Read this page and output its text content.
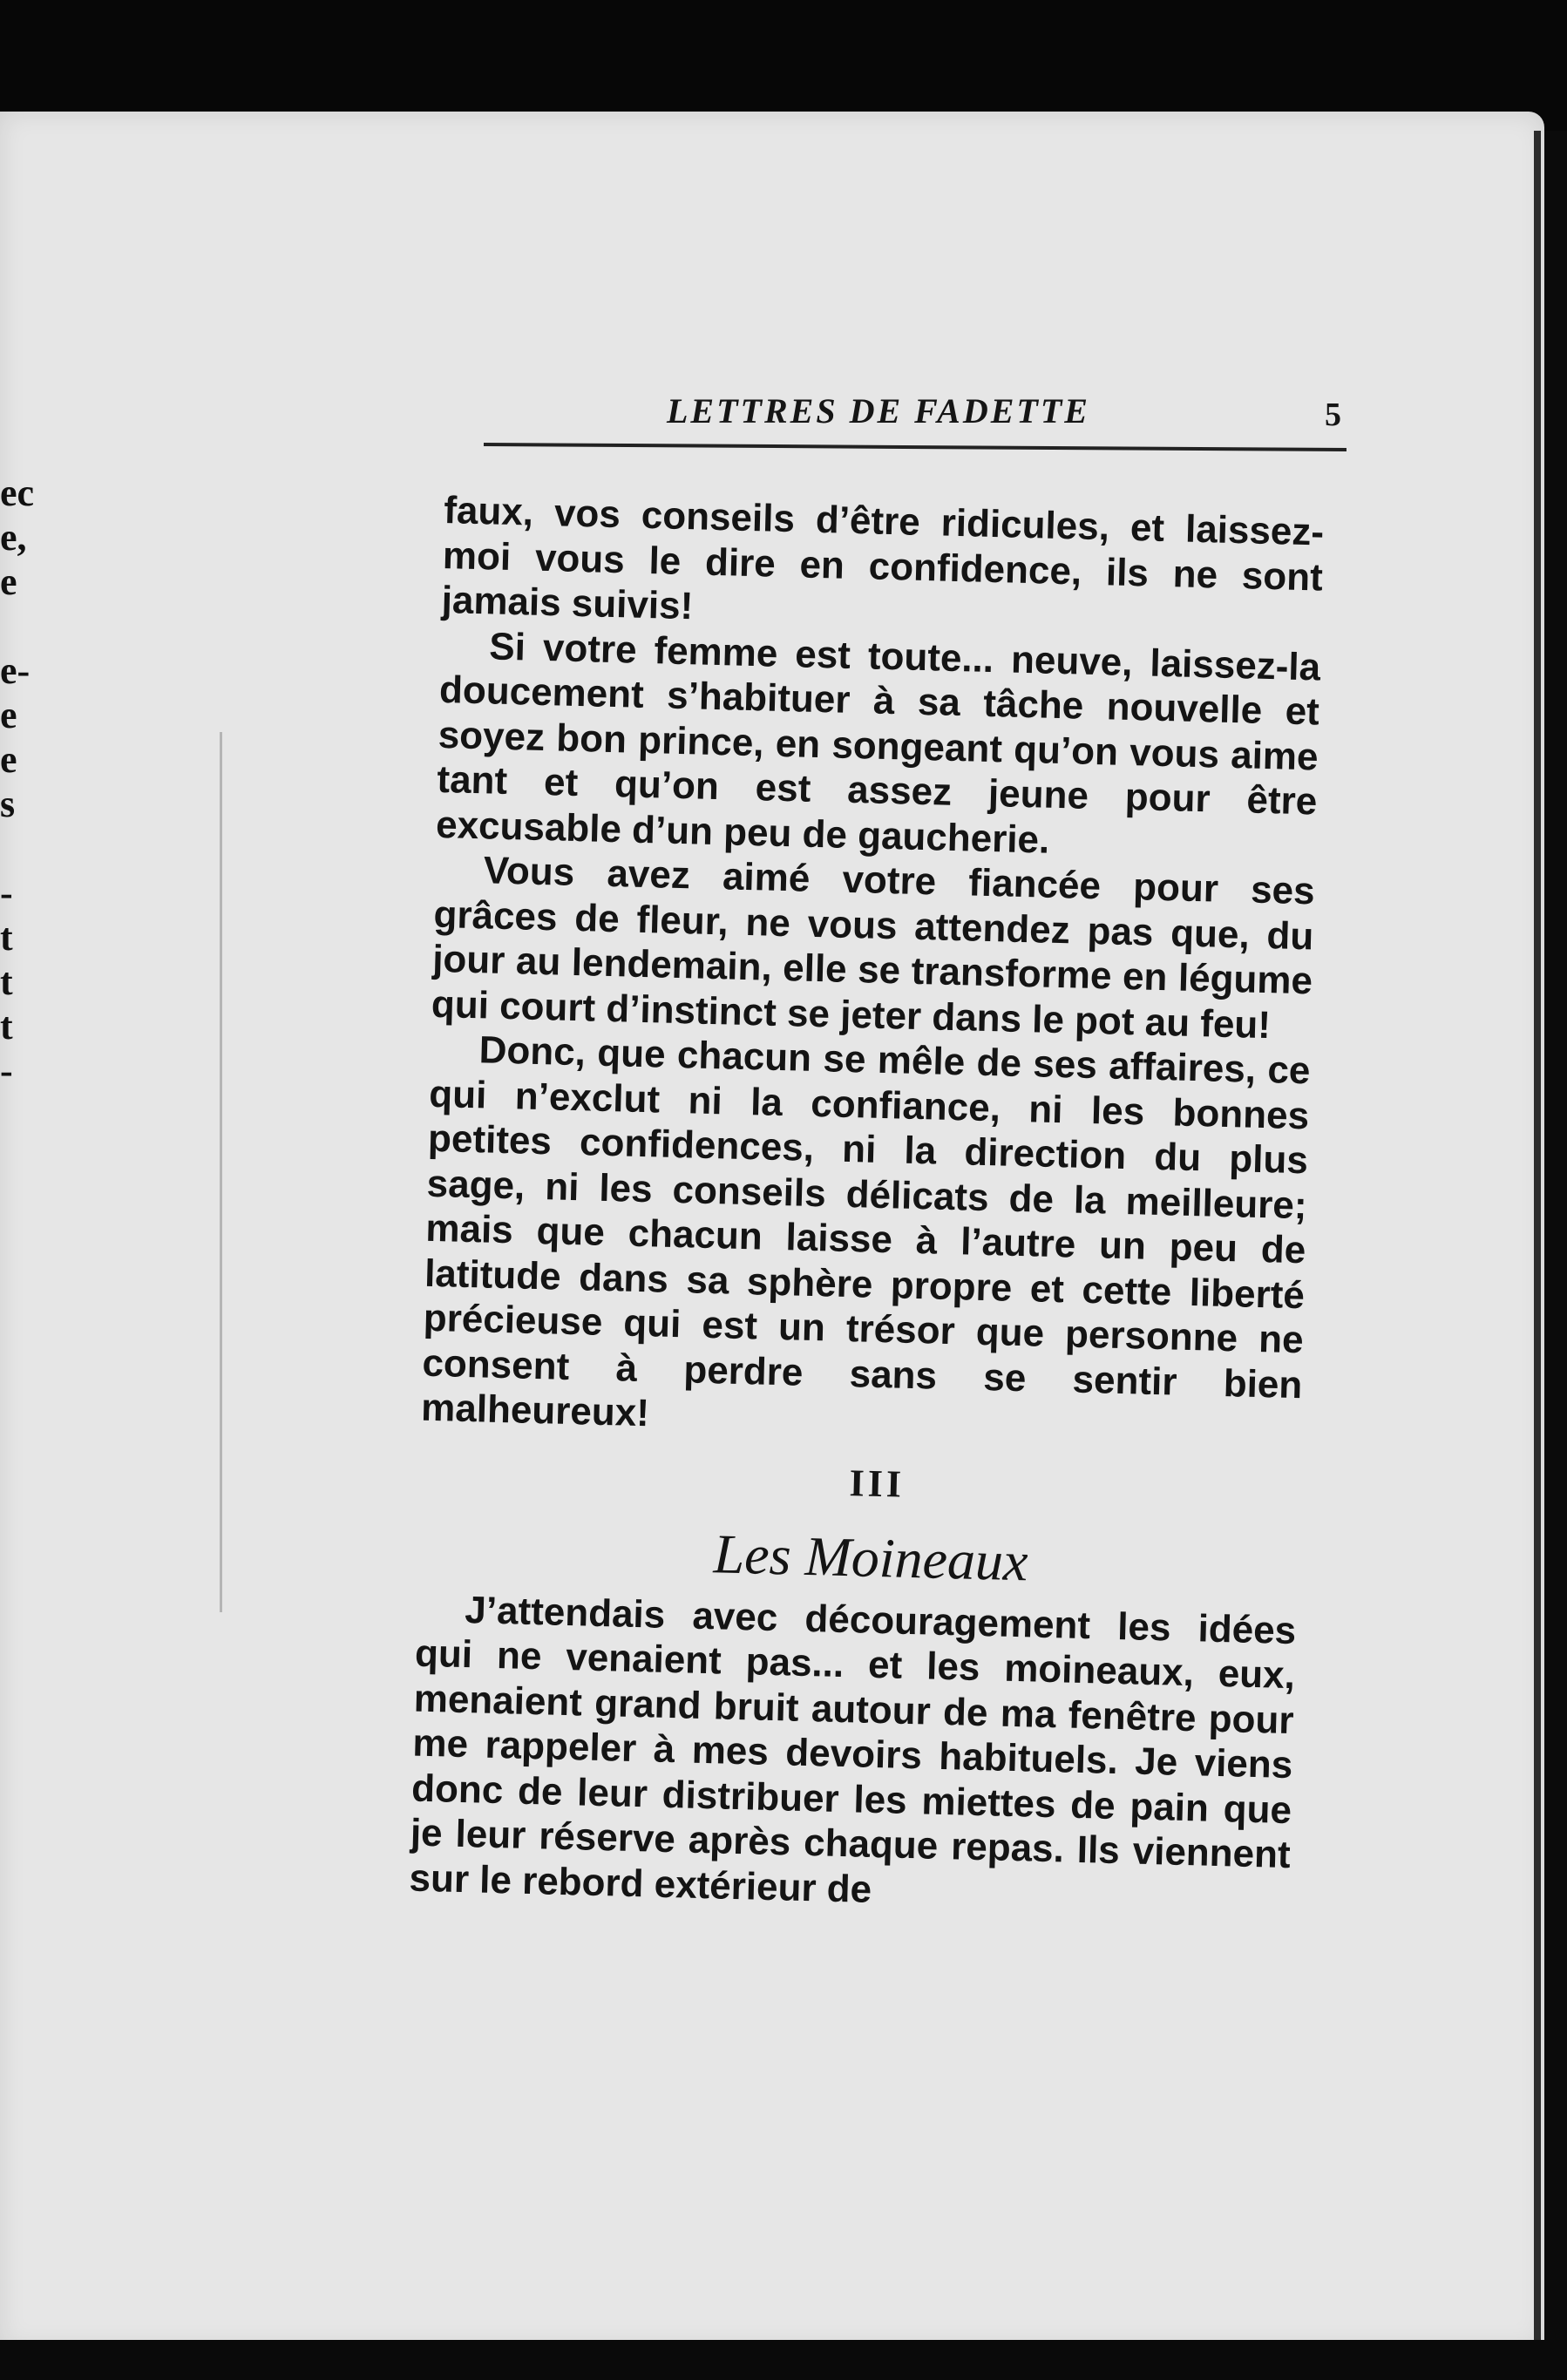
ec
e,
e
e-
e
e
s
-
t
t
t
-
LETTRES DE FADETTE	5

faux, vos conseils d’être ridicules, et laissez-moi vous le dire en confidence, ils ne sont jamais suivis!

Si votre femme est toute... neuve, laissez-la doucement s’habituer à sa tâche nouvelle et soyez bon prince, en songeant qu’on vous aime tant et qu’on est assez jeune pour être excusable d’un peu de gaucherie.

Vous avez aimé votre fiancée pour ses grâces de fleur, ne vous attendez pas que, du jour au lendemain, elle se transforme en légume qui court d’instinct se jeter dans le pot au feu!

Donc, que chacun se mêle de ses affaires, ce qui n’exclut ni la confiance, ni les bonnes petites confidences, ni la direction du plus sage, ni les conseils délicats de la meilleure; mais que chacun laisse à l’autre un peu de latitude dans sa sphère propre et cette liberté précieuse qui est un trésor que personne ne consent à perdre sans se sentir bien malheureux!

III
Les Moineaux

J’attendais avec découragement les idées qui ne venaient pas... et les moineaux, eux, menaient grand bruit autour de ma fenêtre pour me rappeler à mes devoirs habituels. Je viens donc de leur distribuer les miettes de pain que je leur réserve après chaque repas. Ils viennent sur le rebord extérieur de
